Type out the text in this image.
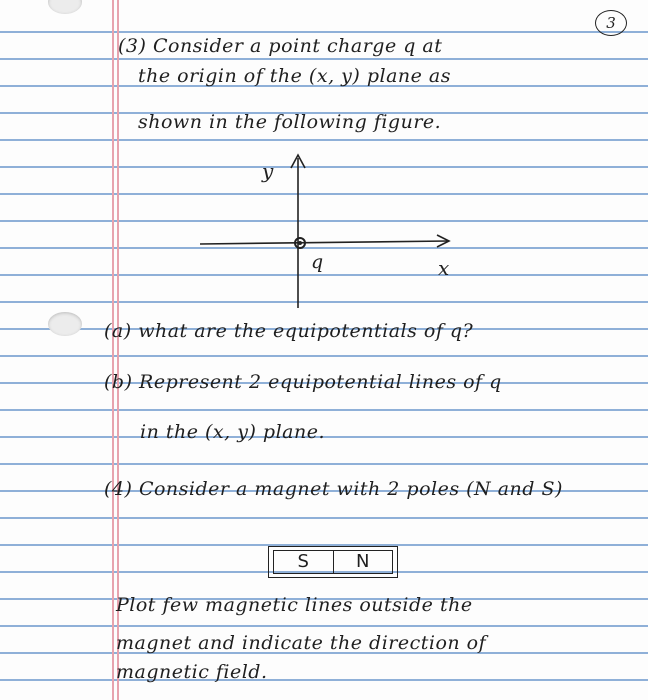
3
(3) Consider a point charge q at
the origin of the (x, y) plane as
shown in the following figure.
y
x
q
(a) what are the equipotentials of q?
(b) Represent 2 equipotential lines of q
in the (x, y) plane.
(4) Consider a magnet with 2 poles (N and S)
S	N
Plot few magnetic lines outside the
magnet and indicate the direction of
magnetic field.
